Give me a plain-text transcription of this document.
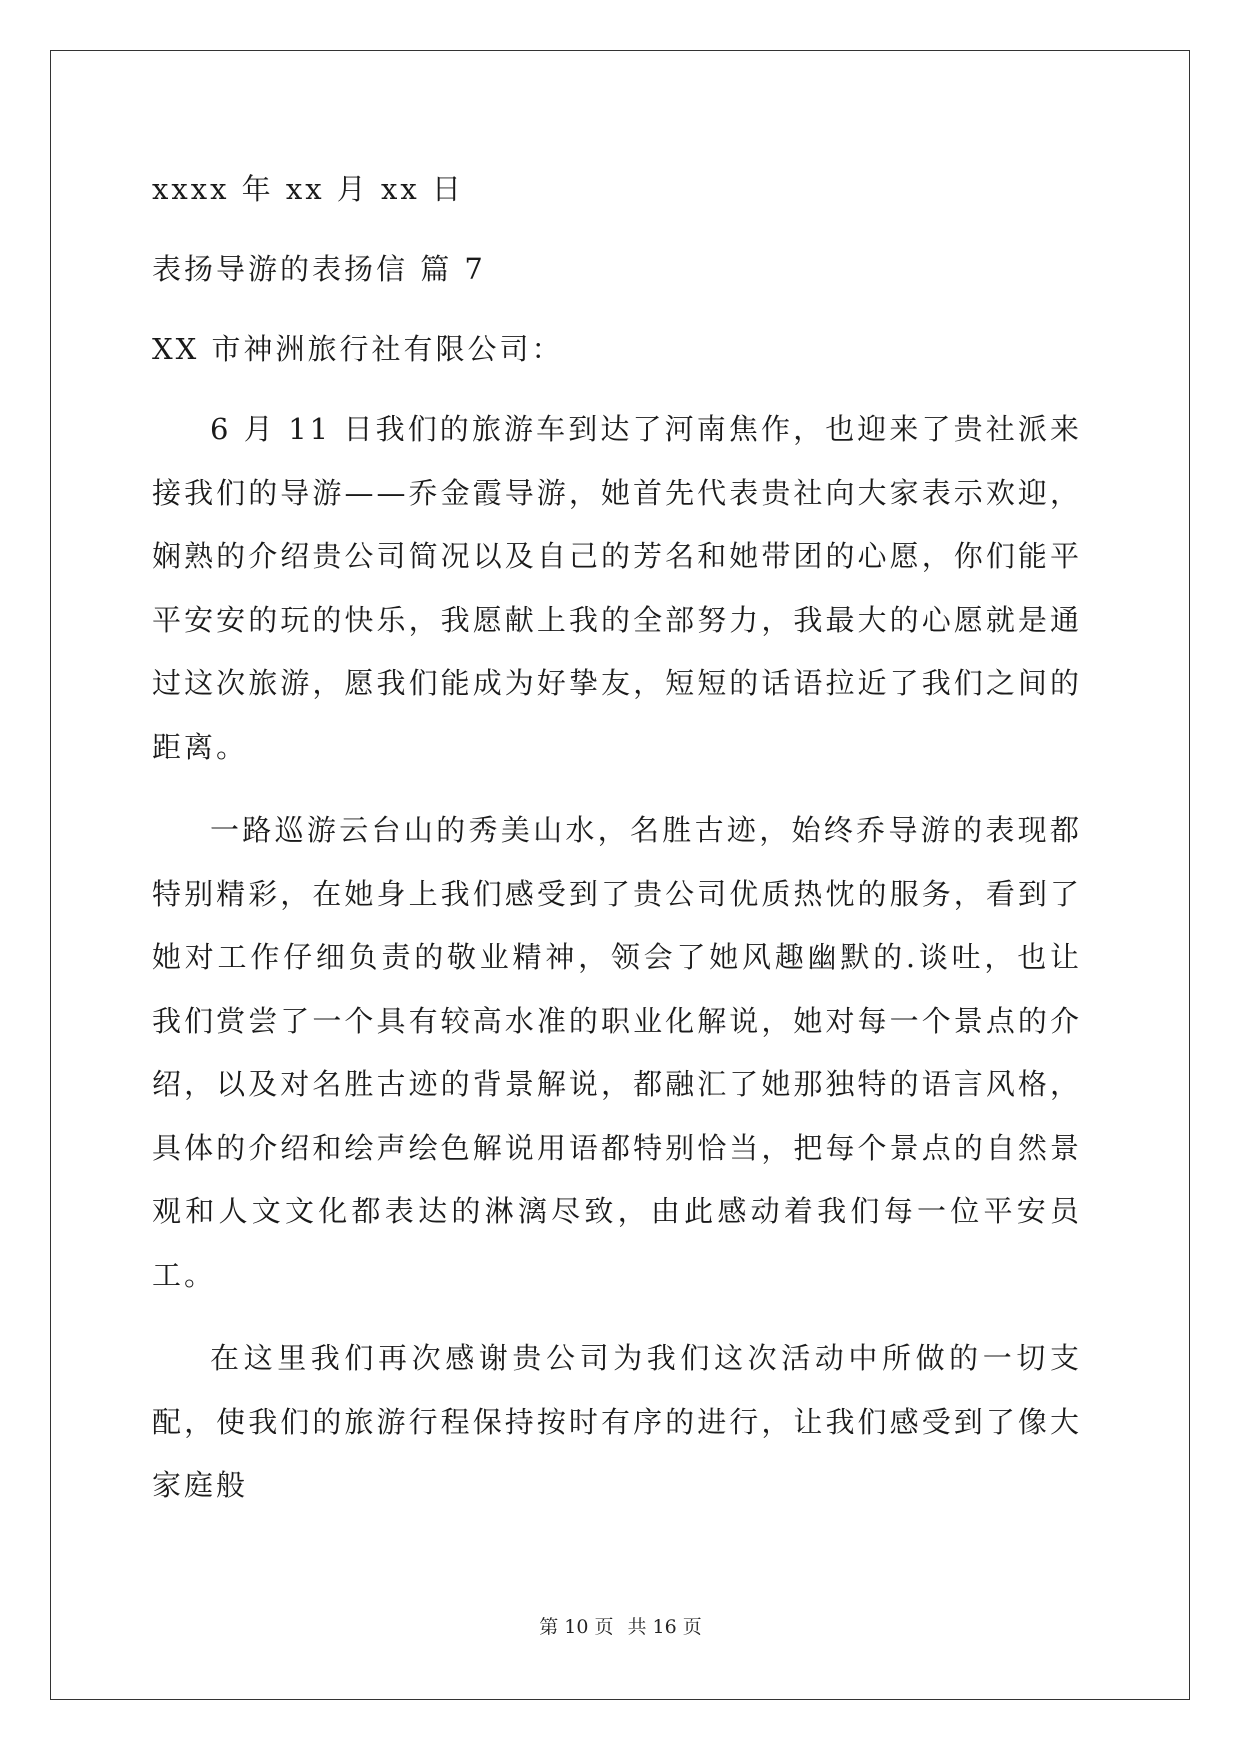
xxxx 年 xx 月 xx 日

表扬导游的表扬信 篇 7

XX 市神洲旅行社有限公司：

6 月 11 日我们的旅游车到达了河南焦作，也迎来了贵社派来接我们的导游——乔金霞导游，她首先代表贵社向大家表示欢迎，娴熟的介绍贵公司简况以及自己的芳名和她带团的心愿，你们能平平安安的玩的快乐，我愿献上我的全部努力，我最大的心愿就是通过这次旅游，愿我们能成为好挚友，短短的话语拉近了我们之间的距离。

一路巡游云台山的秀美山水，名胜古迹，始终乔导游的表现都特别精彩，在她身上我们感受到了贵公司优质热忱的服务，看到了她对工作仔细负责的敬业精神，领会了她风趣幽默的.谈吐，也让我们赏尝了一个具有较高水准的职业化解说，她对每一个景点的介绍，以及对名胜古迹的背景解说，都融汇了她那独特的语言风格，具体的介绍和绘声绘色解说用语都特别恰当，把每个景点的自然景观和人文文化都表达的淋漓尽致，由此感动着我们每一位平安员工。

在这里我们再次感谢贵公司为我们这次活动中所做的一切支配，使我们的旅游行程保持按时有序的进行，让我们感受到了像大家庭般

第 10 页 共 16 页
